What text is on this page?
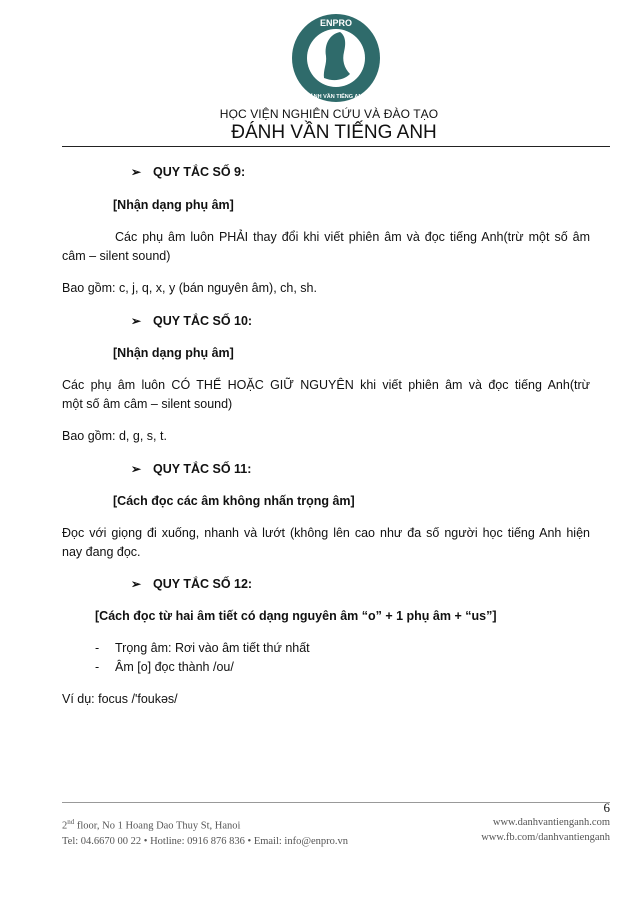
ENPRO
ĐÁNH VẦN TIẾNG ANH
HỌC VIỆN NGHIÊN CỨU VÀ ĐÀO TẠO
ĐÁNH VẦN TIẾNG ANH
➢ QUY TẮC SỐ 9:
[Nhận dạng phụ âm]
Các phụ âm luôn PHẢI thay đổi khi viết phiên âm và đọc tiếng Anh(trừ một số âm
câm – silent sound)
Bao gồm: c, j, q, x, y (bán nguyên âm), ch, sh.
➢ QUY TẮC SỐ 10:
[Nhận dạng phụ âm]
Các phụ âm luôn CÓ THỂ HOẶC GIỮ NGUYÊN khi viết phiên âm và đọc tiếng Anh(trừ
một số âm câm – silent sound)
Bao gồm: d, g, s, t.
➢ QUY TẮC SỐ 11:
[Cách đọc các âm không nhấn trọng âm]
Đọc với giọng đi xuống, nhanh và lướt (không lên cao như đa số người học tiếng Anh hiện
nay đang đọc.
➢ QUY TẮC SỐ 12:
[Cách đọc từ hai âm tiết có dạng nguyên âm “o” + 1 phụ âm + “us”]
- Trọng âm: Rơi vào âm tiết thứ nhất
- Âm [o] đọc thành /ou/
Ví dụ: focus /'foukəs/
6
2nd floor, No 1 Hoang Dao Thuy St, Hanoi
Tel: 04.6670 00 22 • Hotline: 0916 876 836 • Email: info@enpro.vn
www.danhvantienganh.com
www.fb.com/danhvantienganh
